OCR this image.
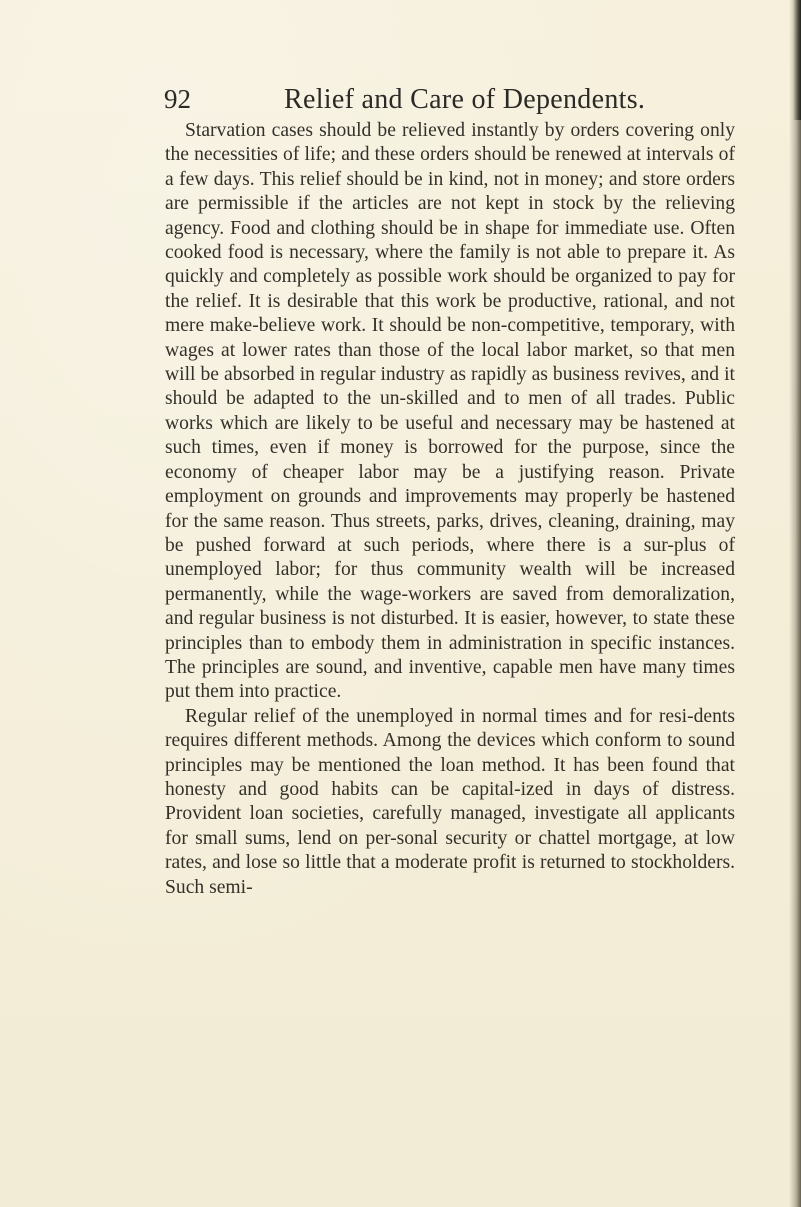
92	Relief and Care of Dependents.

Starvation cases should be relieved instantly by orders covering only the necessities of life; and these orders should be renewed at intervals of a few days. This relief should be in kind, not in money; and store orders are permissible if the articles are not kept in stock by the relieving agency. Food and clothing should be in shape for immediate use. Often cooked food is necessary, where the family is not able to prepare it. As quickly and completely as possible work should be organized to pay for the relief. It is desirable that this work be productive, rational, and not mere make-believe work. It should be non-competitive, temporary, with wages at lower rates than those of the local labor market, so that men will be absorbed in regular industry as rapidly as business revives, and it should be adapted to the un-skilled and to men of all trades. Public works which are likely to be useful and necessary may be hastened at such times, even if money is borrowed for the purpose, since the economy of cheaper labor may be a justifying reason. Private employment on grounds and improvements may properly be hastened for the same reason. Thus streets, parks, drives, cleaning, draining, may be pushed forward at such periods, where there is a sur-plus of unemployed labor; for thus community wealth will be increased permanently, while the wage-workers are saved from demoralization, and regular business is not disturbed. It is easier, however, to state these principles than to embody them in administration in specific instances. The principles are sound, and inventive, capable men have many times put them into practice.

Regular relief of the unemployed in normal times and for resi-dents requires different methods. Among the devices which conform to sound principles may be mentioned the loan method. It has been found that honesty and good habits can be capital-ized in days of distress. Provident loan societies, carefully managed, investigate all applicants for small sums, lend on per-sonal security or chattel mortgage, at low rates, and lose so little that a moderate profit is returned to stockholders. Such semi-
